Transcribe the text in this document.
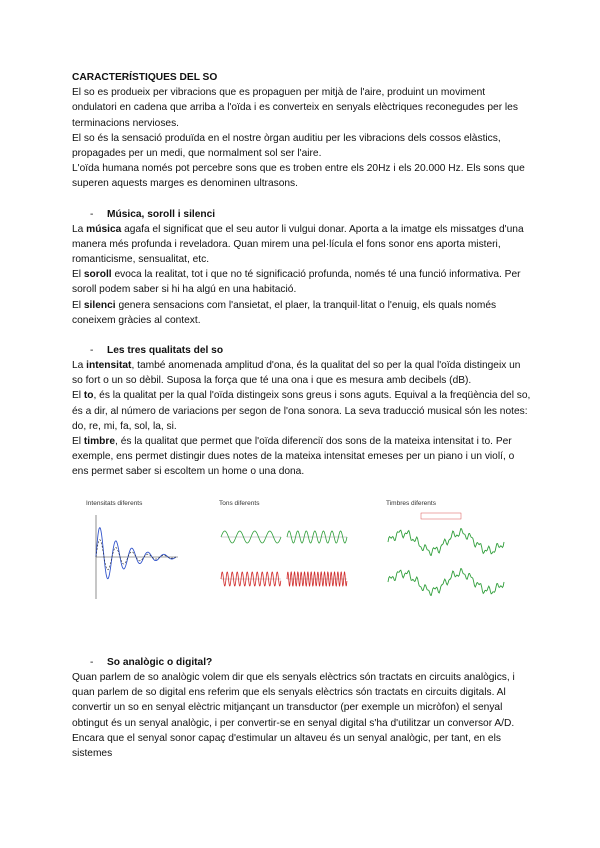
CARACTERÍSTIQUES DEL SO

El so es produeix per vibracions que es propaguen per mitjà de l'aire, produint un moviment ondulatori en cadena que arriba a l'oïda i es converteix en senyals elèctriques reconegudes per les terminacions nervioses.

El so és la sensació produïda en el nostre òrgan auditiu per les vibracions dels cossos elàstics, propagades per un medi, que normalment sol ser l'aire.

L'oïda humana només pot percebre sons que es troben entre els 20Hz i els 20.000 Hz. Els sons que superen aquests marges es denominen ultrasons.

-	Música, soroll i silenci

La música agafa el significat que el seu autor li vulgui donar. Aporta a la imatge els missatges d'una manera més profunda i reveladora. Quan mirem una pel·lícula el fons sonor ens aporta misteri, romanticisme, sensualitat, etc.

El soroll evoca la realitat, tot i que no té significació profunda, només té una funció informativa. Per soroll podem saber si hi ha algú en una habitació.

El silenci genera sensacions com l'ansietat, el plaer, la tranquil·litat o l'enuig, els quals només coneixem gràcies al context.

-	Les tres qualitats del so

La intensitat, també anomenada amplitud d'ona, és la qualitat del so per la qual l'oïda distingeix un so fort o un so dèbil. Suposa la força que té una ona i que es mesura amb decibels (dB).

El to, és la qualitat per la qual l'oïda distingeix sons greus i sons aguts. Equival a la freqüència del so, és a dir, al número de variacions per segon de l'ona sonora. La seva traducció musical són les notes: do, re, mi, fa, sol, la, si.

El timbre, és la qualitat que permet que l'oïda diferenciï dos sons de la mateixa intensitat i to. Per exemple, ens permet distingir dues notes de la mateixa intensitat emeses per un piano i un violí, o ens permet saber si escoltem un home o una dona.

Intensitats diferents	Tons diferents	Timbres diferents
-	So analògic o digital?

Quan parlem de so analògic volem dir que els senyals elèctrics són tractats en circuits analògics, i quan parlem de so digital ens referim que els senyals elèctrics són tractats en circuits digitals. Al convertir un so en senyal elèctric mitjançant un transductor (per exemple un micròfon) el senyal obtingut és un senyal analògic, i per convertir-se en senyal digital s'ha d'utilitzar un conversor A/D. Encara que el senyal sonor capaç d'estimular un altaveu és un senyal analògic, per tant, en els sistemes
